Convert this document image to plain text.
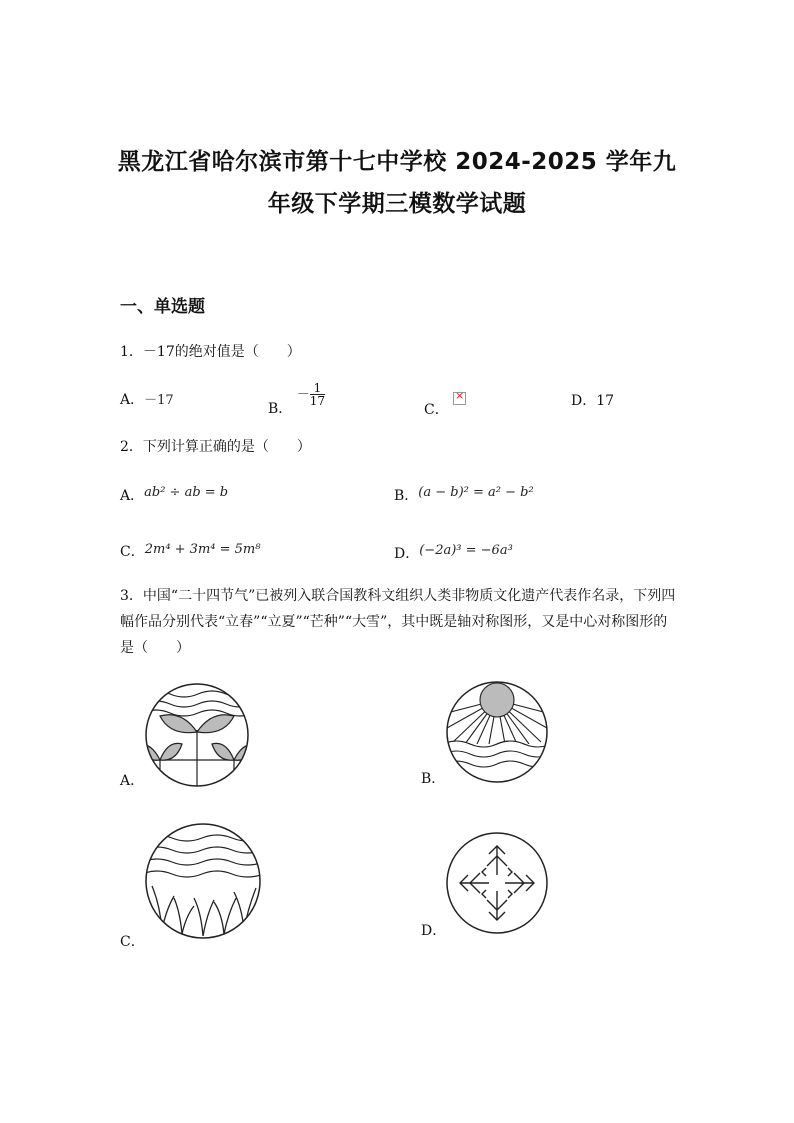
黑龙江省哈尔滨市第十七中学校 2024-2025 学年九
年级下学期三模数学试题
一、单选题
1．－17的绝对值是（　　）
A．－17	B． － $\frac{1}{17}$
C．
×	D．17
2．下列计算正确的是（　　）
A．ab² ÷ ab = b	B．(a − b)² = a² − b²
C．2m⁴ + 3m⁴ = 5m⁸	D．(−2a)³ = −6a³
3．中国“二十四节气”已被列入联合国教科文组织人类非物质文化遗产代表作名录，下列四幅作品分别代表“立春”“立夏”“芒种”“大雪”，其中既是轴对称图形，又是中心对称图形的是（　　）
A．	B．
C．
D．
